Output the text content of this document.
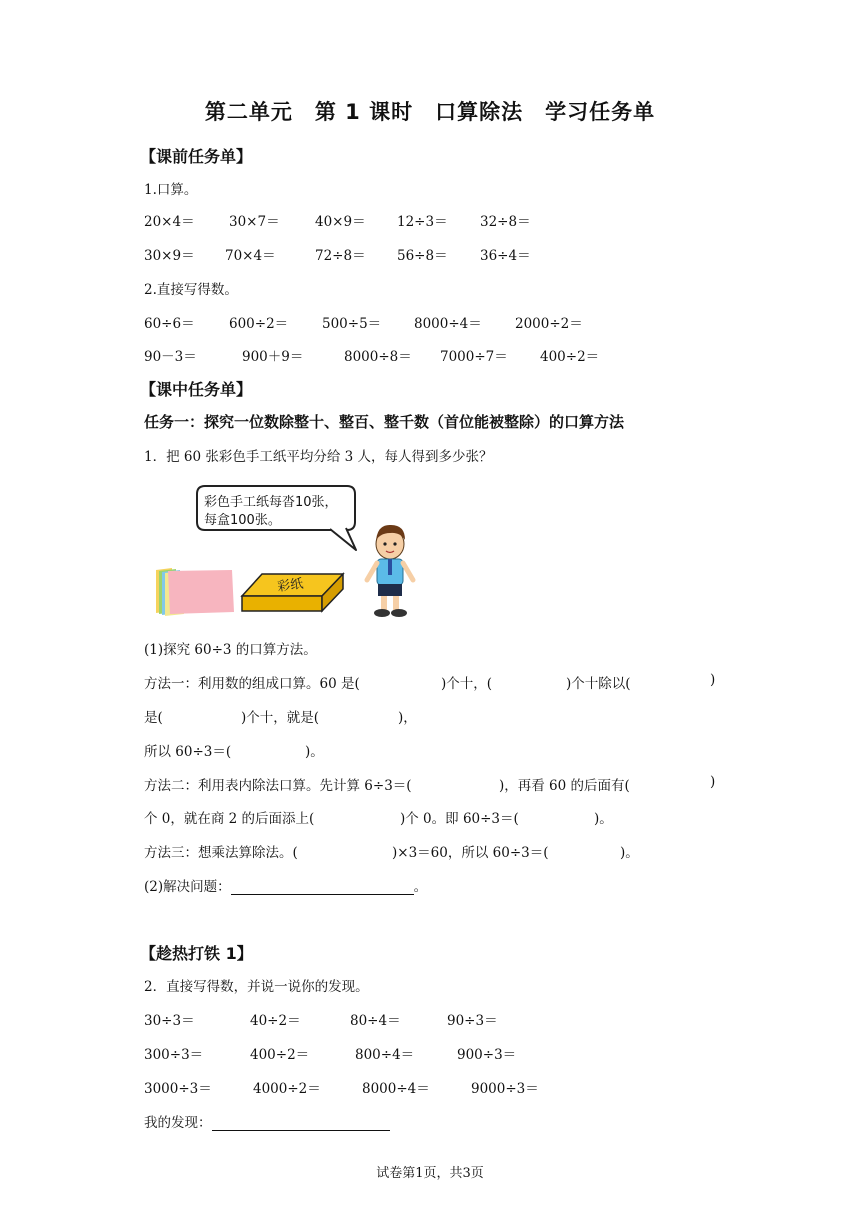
第二单元　第 1 课时　口算除法　学习任务单
【课前任务单】
1.口算。
20×4＝	30×7＝	40×9＝ 12÷3＝ 32÷8＝
30×9＝ 70×4＝	72÷8＝ 56÷8＝ 36÷4＝
2.直接写得数。
60÷6＝	600÷2＝	500÷5＝ 8000÷4＝ 2000÷2＝
90－3＝	900＋9＝	8000÷8＝ 7000÷7＝ 400÷2＝
【课中任务单】
任务一：探究一位数除整十、整百、整千数（首位能被整除）的口算方法
1．把 60 张彩色手工纸平均分给 3 人，每人得到多少张？
彩色手工纸每沓10张，
每盒100张。
彩纸
(1)探究 60÷3 的口算方法。
方法一：利用数的组成口算。60 是(	)个十，(	)个十除以(	)
是(	)个十，就是(	)，
所以 60÷3＝(	)。
方法二：利用表内除法口算。先计算 6÷3＝(	)，再看 60 的后面有(	)
个 0，就在商 2 的后面添上(	)个 0。即 60÷3＝(	)。
方法三：想乘法算除法。(	)×3＝60，所以 60÷3＝(	)。
(2)解决问题：	。
【趁热打铁 1】
2．直接写得数，并说一说你的发现。
30÷3＝	40÷2＝	80÷4＝	90÷3＝
300÷3＝	400÷2＝	800÷4＝	900÷3＝
3000÷3＝	4000÷2＝	8000÷4＝	9000÷3＝
我的发现：
试卷第1页，共3页
